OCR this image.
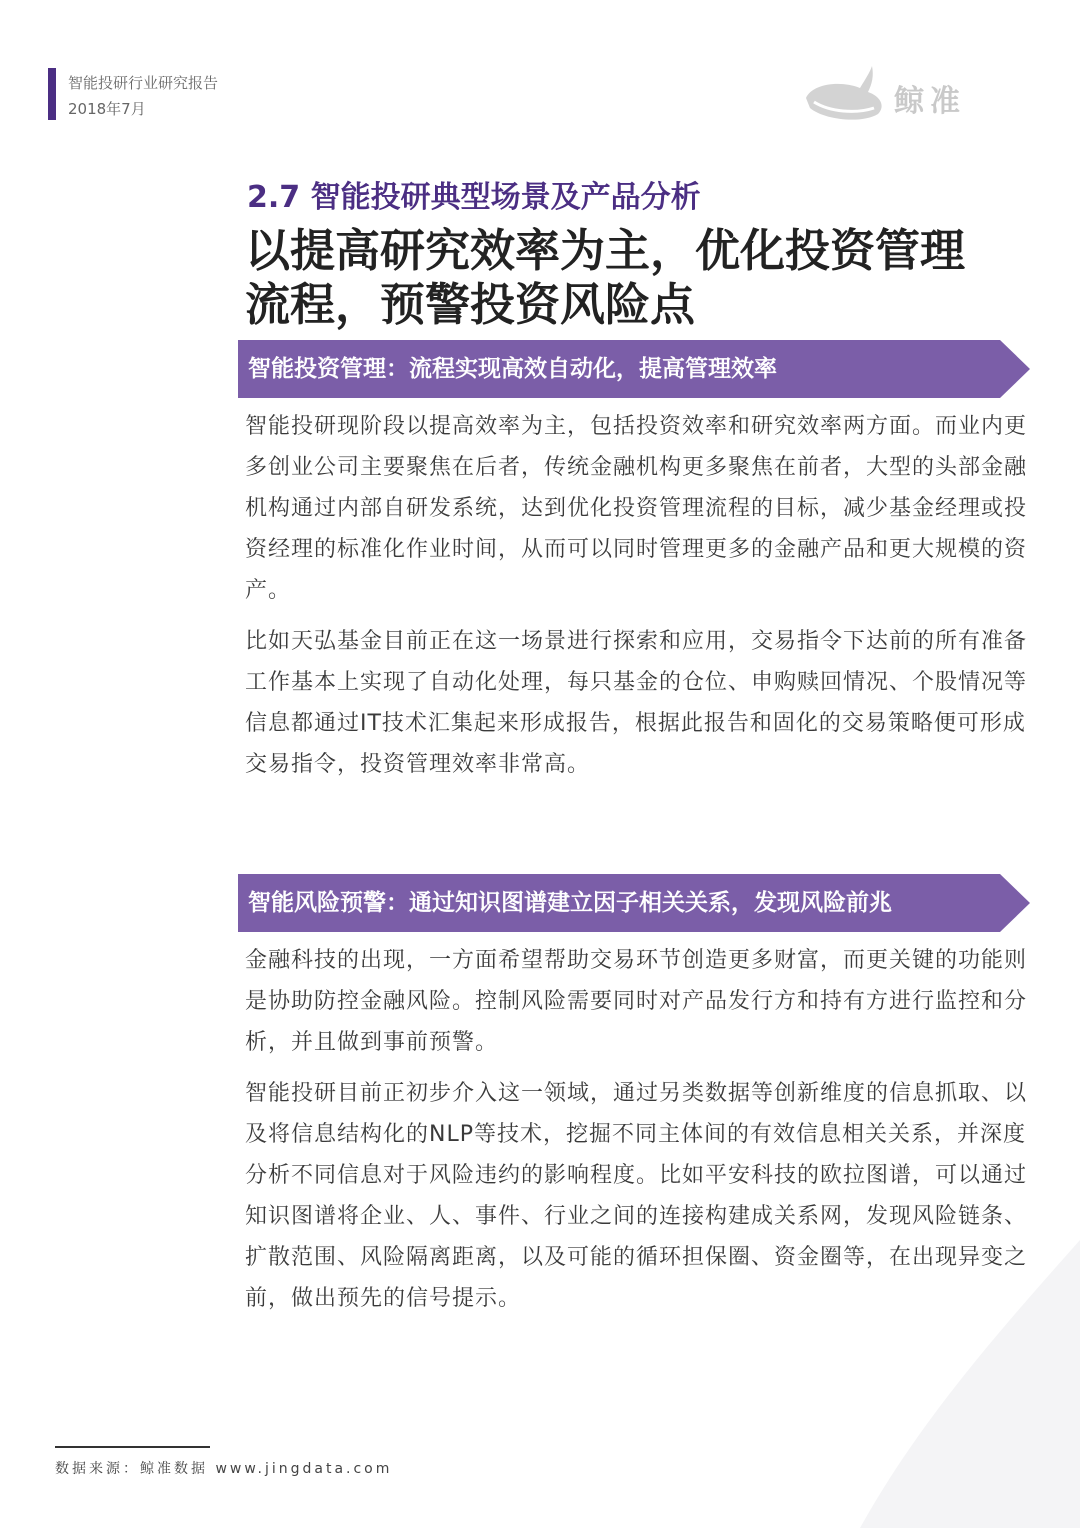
智能投研行业研究报告
2018年7月	鲸准
2.7 智能投研典型场景及产品分析
以提高研究效率为主，优化投资管理
流程，预警投资风险点
智能投资管理：流程实现高效自动化，提高管理效率

智能投研现阶段以提高效率为主，包括投资效率和研究效率两方面。而业内更多创业公司主要聚焦在后者，传统金融机构更多聚焦在前者，大型的头部金融机构通过内部自研发系统，达到优化投资管理流程的目标，减少基金经理或投资经理的标准化作业时间，从而可以同时管理更多的金融产品和更大规模的资产。

比如天弘基金目前正在这一场景进行探索和应用，交易指令下达前的所有准备工作基本上实现了自动化处理，每只基金的仓位、申购赎回情况、个股情况等信息都通过IT技术汇集起来形成报告，根据此报告和固化的交易策略便可形成交易指令，投资管理效率非常高。

智能风险预警：通过知识图谱建立因子相关关系，发现风险前兆

金融科技的出现，一方面希望帮助交易环节创造更多财富，而更关键的功能则是协助防控金融风险。控制风险需要同时对产品发行方和持有方进行监控和分析，并且做到事前预警。

智能投研目前正初步介入这一领域，通过另类数据等创新维度的信息抓取、以及将信息结构化的NLP等技术，挖掘不同主体间的有效信息相关关系，并深度分析不同信息对于风险违约的影响程度。比如平安科技的欧拉图谱，可以通过知识图谱将企业、人、事件、行业之间的连接构建成关系网，发现风险链条、扩散范围、风险隔离距离，以及可能的循环担保圈、资金圈等，在出现异变之前，做出预先的信号提示。

数据来源：鲸准数据 www.jingdata.com
